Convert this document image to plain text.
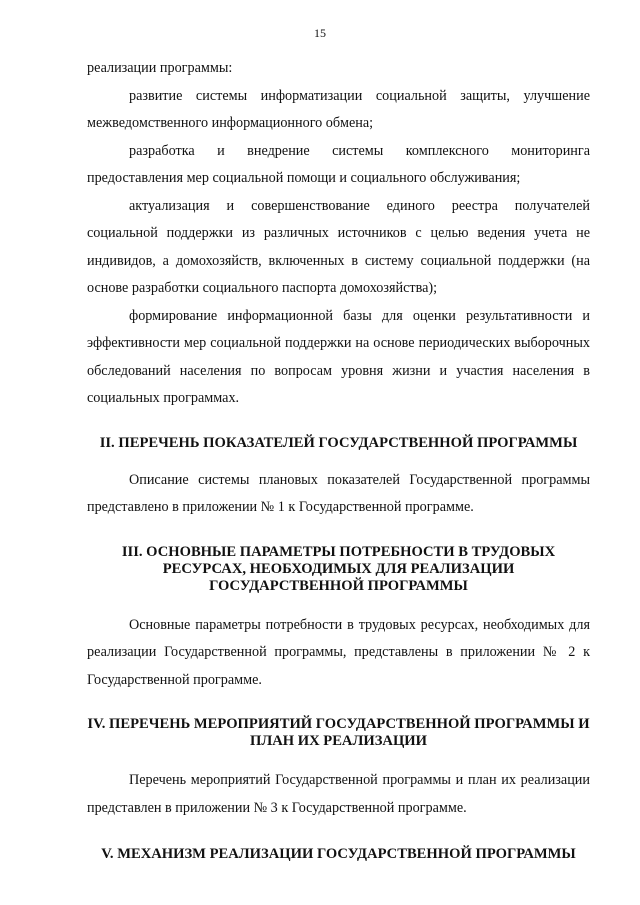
15

реализации программы:

развитие системы информатизации социальной защиты, улучшение межведомственного информационного обмена;

разработка и внедрение системы комплексного мониторинга предоставления мер социальной помощи и социального обслуживания;

актуализация и совершенствование единого реестра получателей социальной поддержки из различных источников с целью ведения учета не индивидов, а домохозяйств, включенных в систему социальной поддержки (на основе разработки социального паспорта домохозяйства);

формирование информационной базы для оценки результативности и эффективности мер социальной поддержки на основе периодических выборочных обследований населения по вопросам уровня жизни и участия населения в социальных программах.

II. ПЕРЕЧЕНЬ ПОКАЗАТЕЛЕЙ ГОСУДАРСТВЕННОЙ ПРОГРАММЫ

Описание системы плановых показателей Государственной программы представлено в приложении № 1 к Государственной программе.

III. ОСНОВНЫЕ ПАРАМЕТРЫ ПОТРЕБНОСТИ В ТРУДОВЫХ РЕСУРСАХ, НЕОБХОДИМЫХ ДЛЯ РЕАЛИЗАЦИИ ГОСУДАРСТВЕННОЙ ПРОГРАММЫ

Основные параметры потребности в трудовых ресурсах, необходимых для реализации Государственной программы, представлены в приложении № 2 к Государственной программе.

IV. ПЕРЕЧЕНЬ МЕРОПРИЯТИЙ ГОСУДАРСТВЕННОЙ ПРОГРАММЫ И ПЛАН ИХ РЕАЛИЗАЦИИ

Перечень мероприятий Государственной программы и план их реализации представлен в приложении № 3 к Государственной программе.

V. МЕХАНИЗМ РЕАЛИЗАЦИИ ГОСУДАРСТВЕННОЙ ПРОГРАММЫ
